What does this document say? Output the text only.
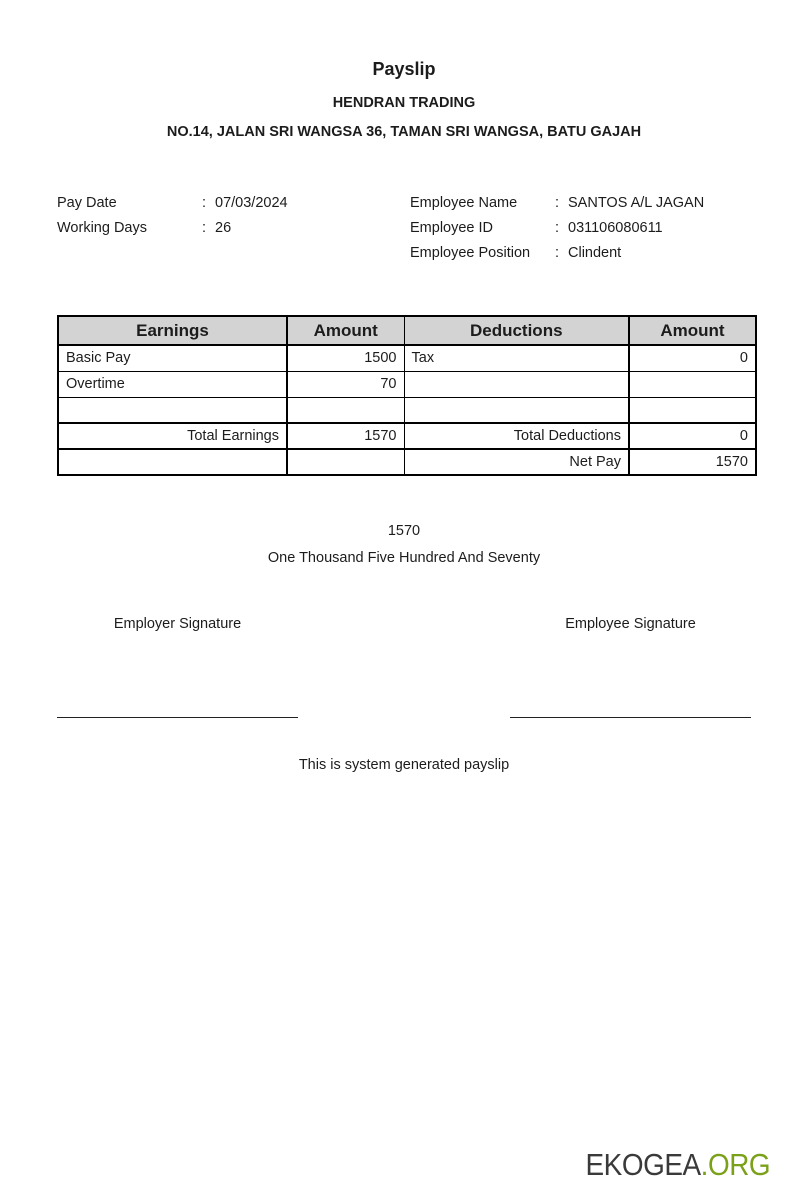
Payslip
HENDRAN TRADING
NO.14, JALAN SRI WANGSA 36, TAMAN SRI WANGSA, BATU GAJAH
Pay Date	: 07/03/2024
Working Days	: 26
Employee Name	: SANTOS A/L JAGAN
Employee ID	: 031106080611
Employee Position	: Clindent
Earnings	Amount	Deductions	Amount
Basic Pay	1500	Tax	0
Overtime	70		

Total Earnings	1570	Total Deductions	0
		Net Pay	1570
1570
One Thousand Five Hundred And Seventy
Employer Signature	Employee Signature
This is system generated payslip
EKOGEA.ORG
